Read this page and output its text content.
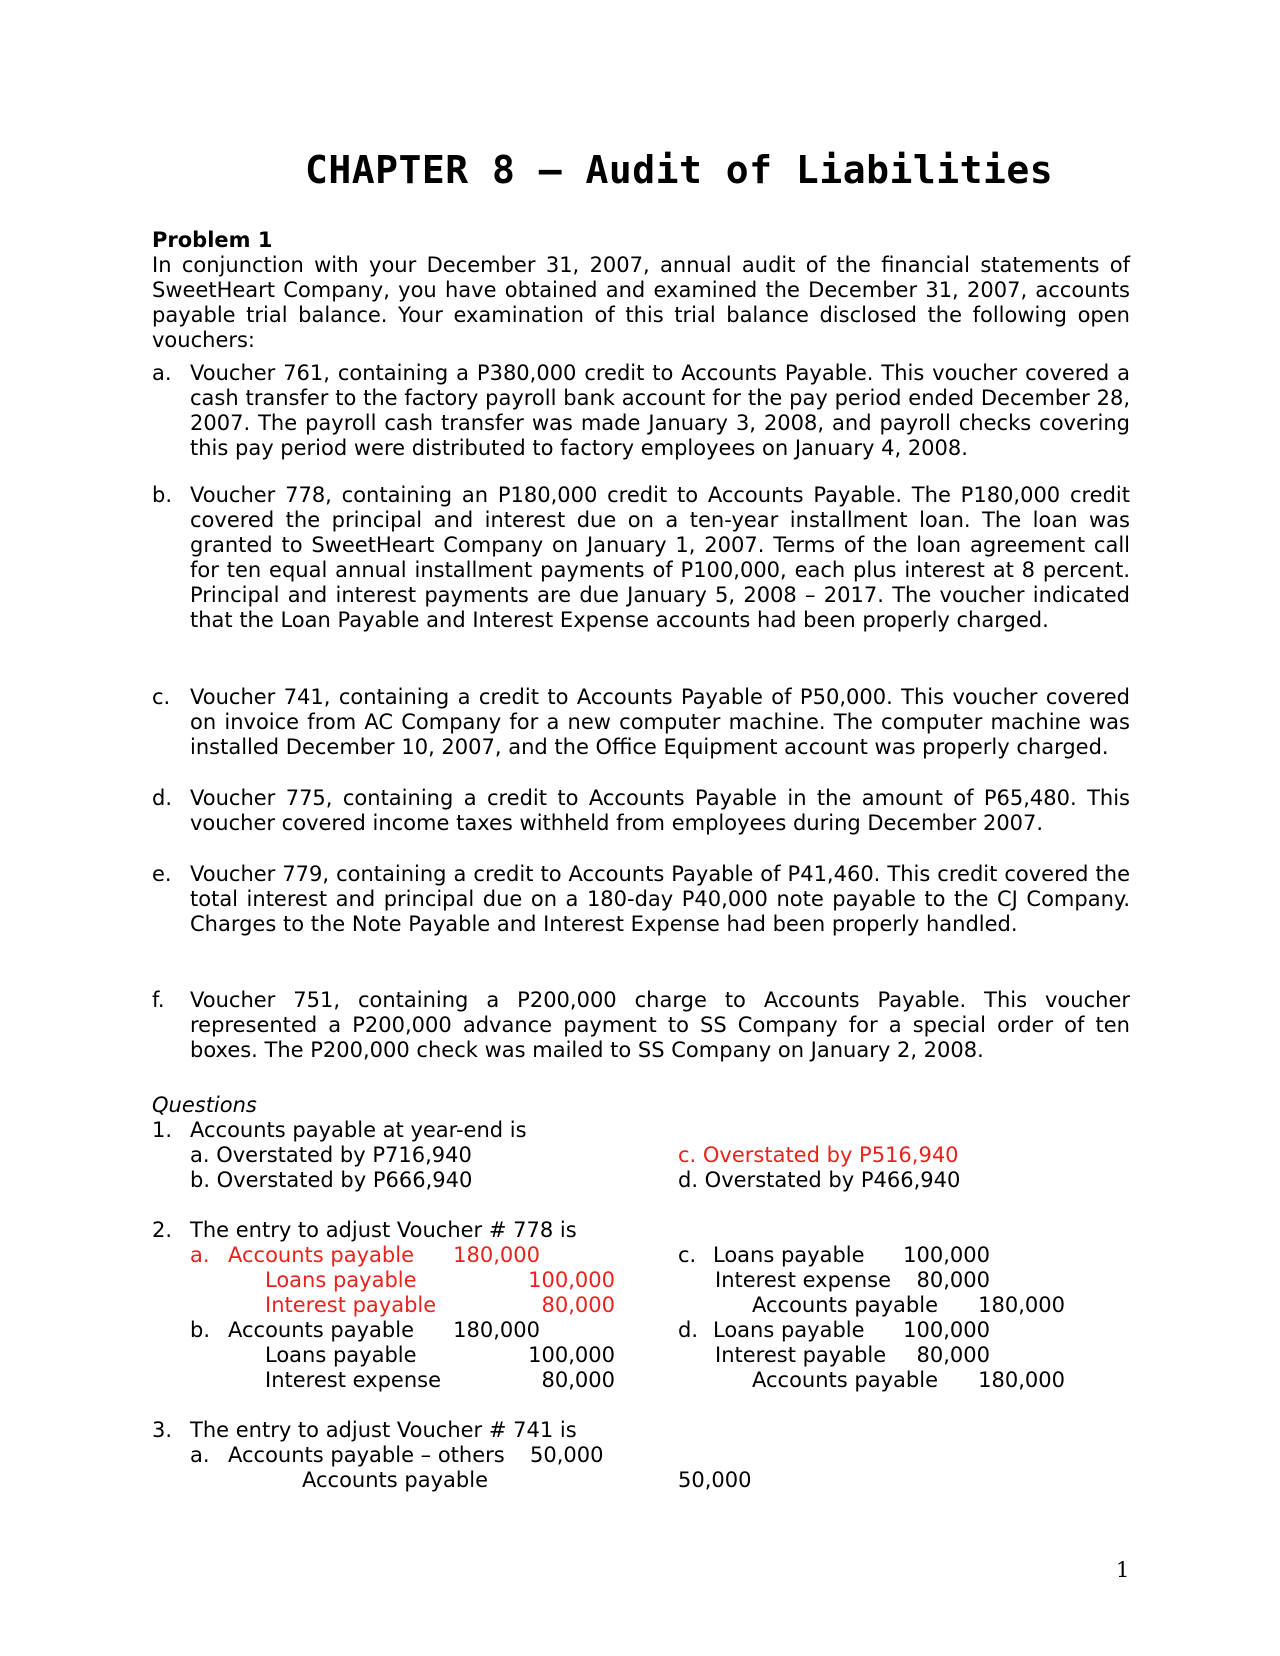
CHAPTER 8 – Audit of Liabilities
Problem 1

In conjunction with your December 31, 2007, annual audit of the financial statements of SweetHeart Company, you have obtained and examined the December 31, 2007, accounts payable trial balance. Your examination of this trial balance disclosed the following open vouchers:

a. Voucher 761, containing a P380,000 credit to Accounts Payable. This voucher covered a cash transfer to the factory payroll bank account for the pay period ended December 28, 2007. The payroll cash transfer was made January 3, 2008, and payroll checks covering this pay period were distributed to factory employees on January 4, 2008.
b. Voucher 778, containing an P180,000 credit to Accounts Payable. The P180,000 credit covered the principal and interest due on a ten-year installment loan. The loan was granted to SweetHeart Company on January 1, 2007. Terms of the loan agreement call for ten equal annual installment payments of P100,000, each plus interest at 8 percent. Principal and interest payments are due January 5, 2008 – 2017. The voucher indicated that the Loan Payable and Interest Expense accounts had been properly charged.
c. Voucher 741, containing a credit to Accounts Payable of P50,000. This voucher covered on invoice from AC Company for a new computer machine. The computer machine was installed December 10, 2007, and the Office Equipment account was properly charged.
d. Voucher 775, containing a credit to Accounts Payable in the amount of P65,480. This voucher covered income taxes withheld from employees during December 2007.
e. Voucher 779, containing a credit to Accounts Payable of P41,460. This credit covered the total interest and principal due on a 180-day P40,000 note payable to the CJ Company. Charges to the Note Payable and Interest Expense had been properly handled.
f. Voucher 751, containing a P200,000 charge to Accounts Payable. This voucher represented a P200,000 advance payment to SS Company for a special order of ten boxes. The P200,000 check was mailed to SS Company on January 2, 2008.
Questions
1. Accounts payable at year-end is
a. Overstated by P716,940
b. Overstated by P666,940
c. Overstated by P516,940
d. Overstated by P466,940
2. The entry to adjust Voucher # 778 is
a. Accounts payable	180,000
Loans payable	100,000
Interest payable	80,000
b. Accounts payable	180,000
Loans payable	100,000
Interest expense	80,000
c. Loans payable	100,000
Interest expense	80,000
Accounts payable	180,000
d. Loans payable	100,000
Interest payable	80,000
Accounts payable	180,000
3. The entry to adjust Voucher # 741 is
a. Accounts payable – others 50,000
Accounts payable	50,000
1
